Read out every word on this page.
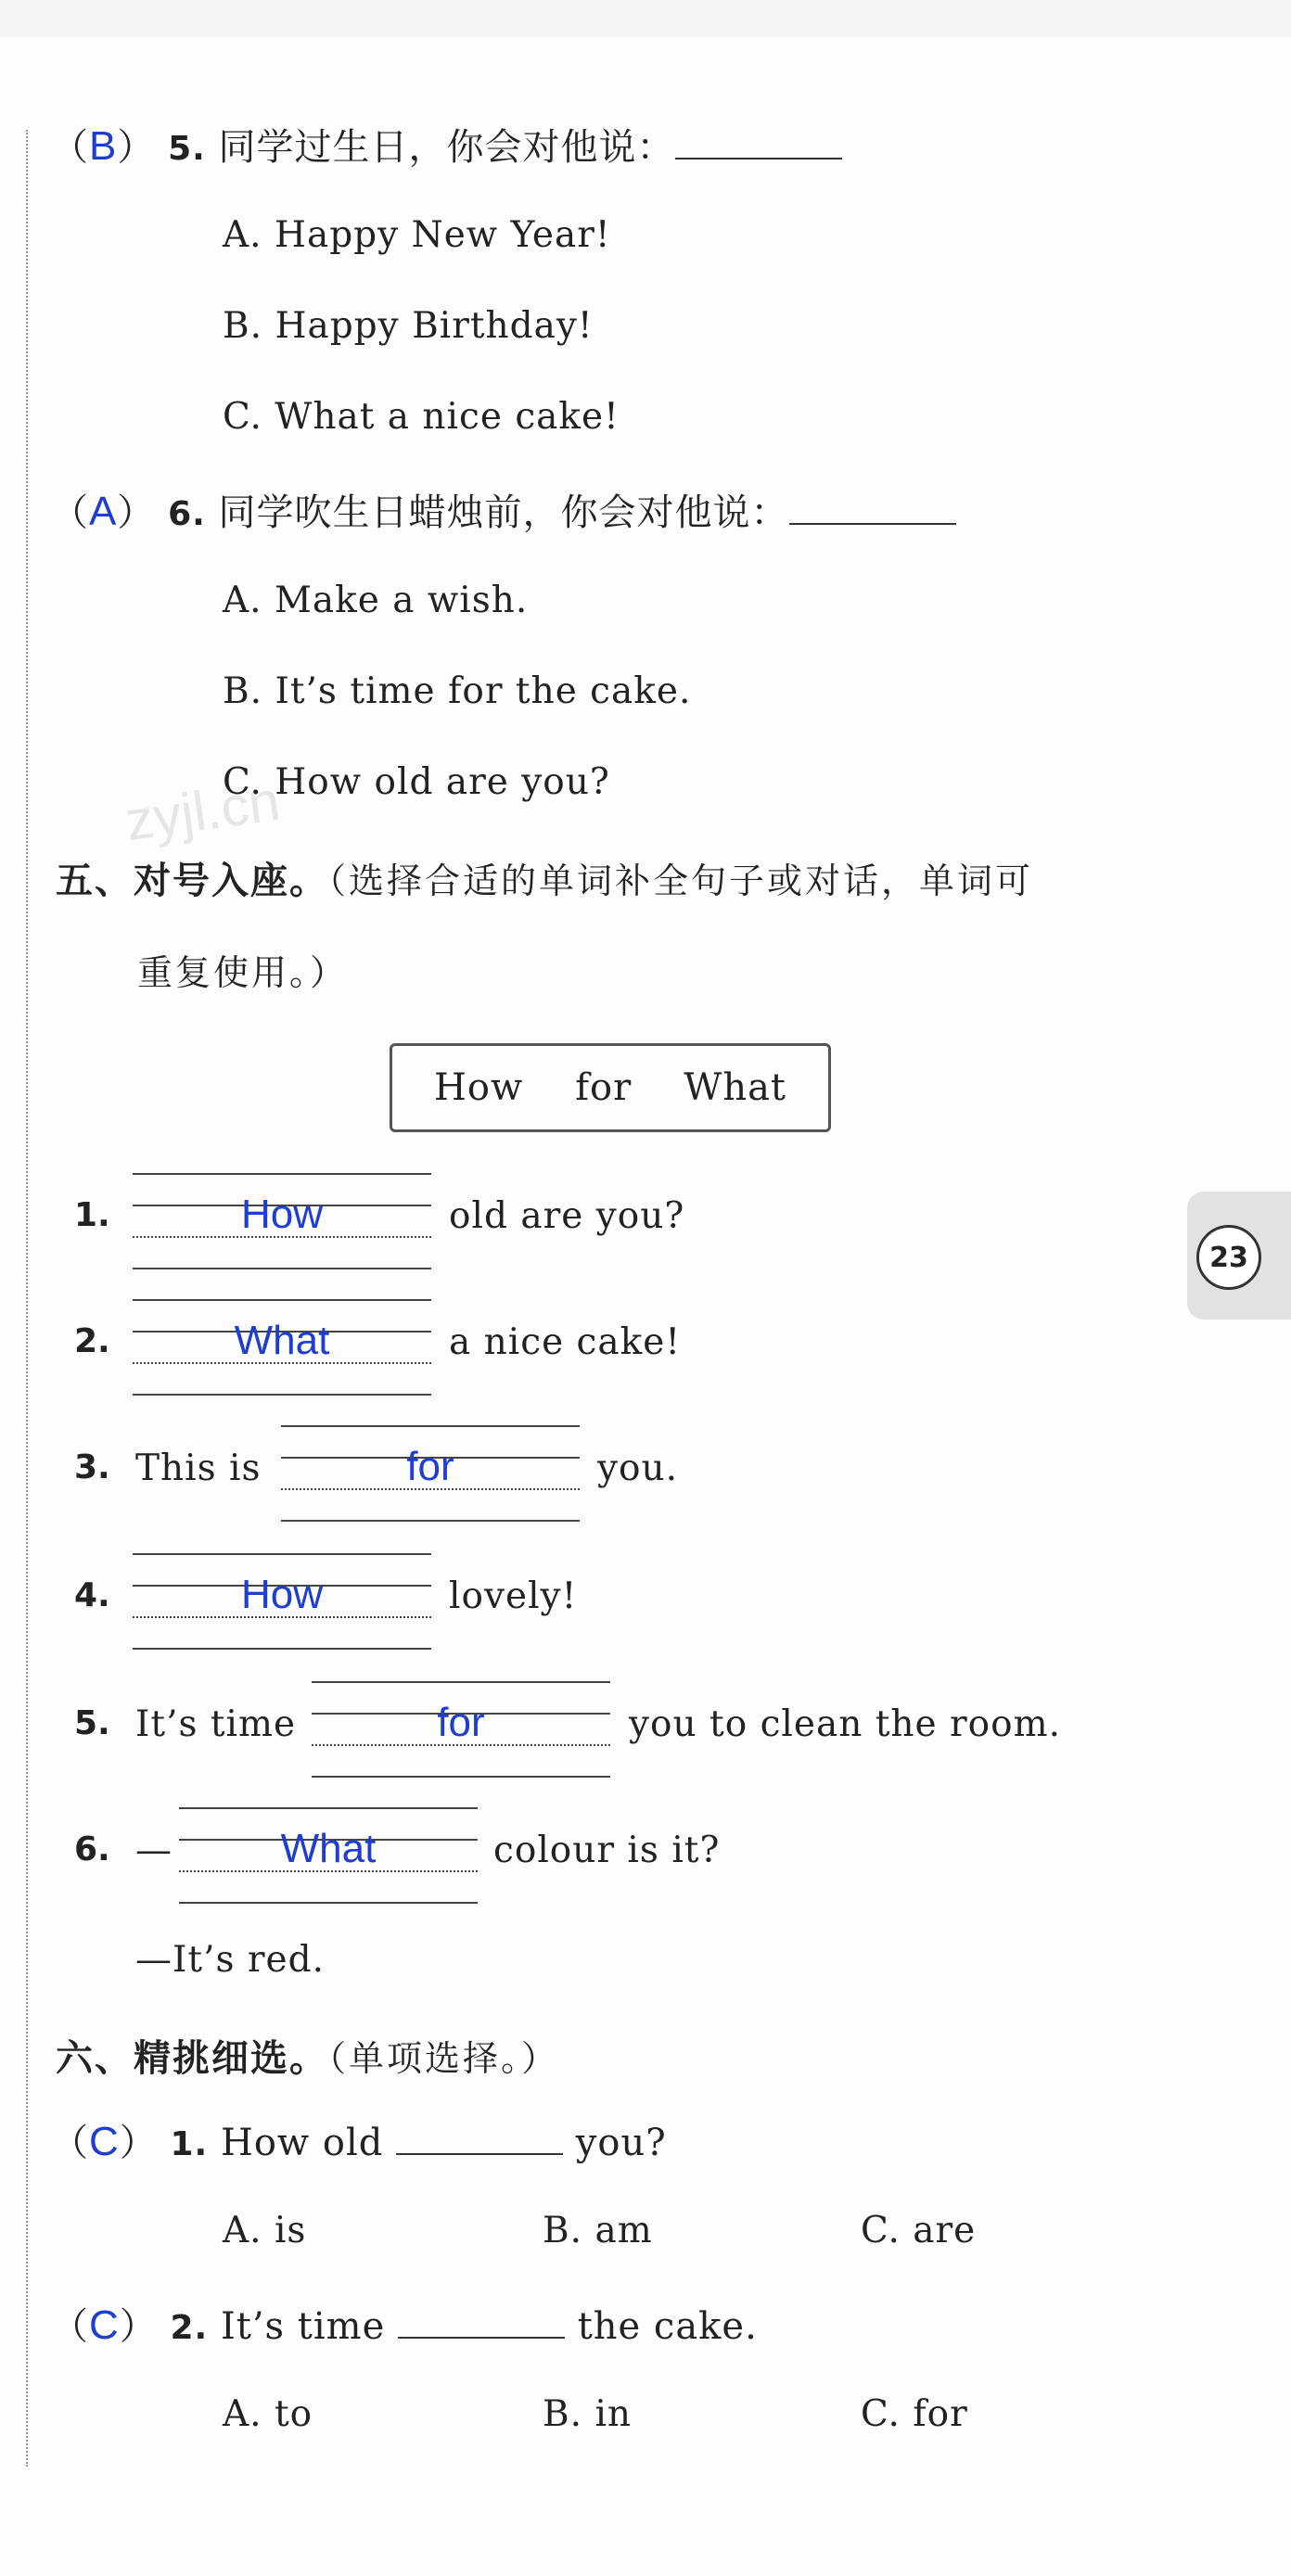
zyjl.cn
（B） 5. 同学过生日，你会对他说：
A. Happy New Year!
B. Happy Birthday!
C. What a nice cake!
（A） 6. 同学吹生日蜡烛前，你会对他说：
A. Make a wish.
B. It’s time for the cake.
C. How old are you?
五、对号入座。（选择合适的单词补全句子或对话，单词可
重复使用。）
How for What
1.	How	old are you?
2.	What	a nice cake!
3. This is	for	you.
4.	How	lovely!
5. It’s time	for	you to clean the room.
6. —	What	colour is it?
—It’s red.
六、精挑细选。（单项选择。）
（C） 1. How old	you?
A. is	B. am	C. are
（C） 2. It’s time	the cake.
A. to	B. in	C. for
23
